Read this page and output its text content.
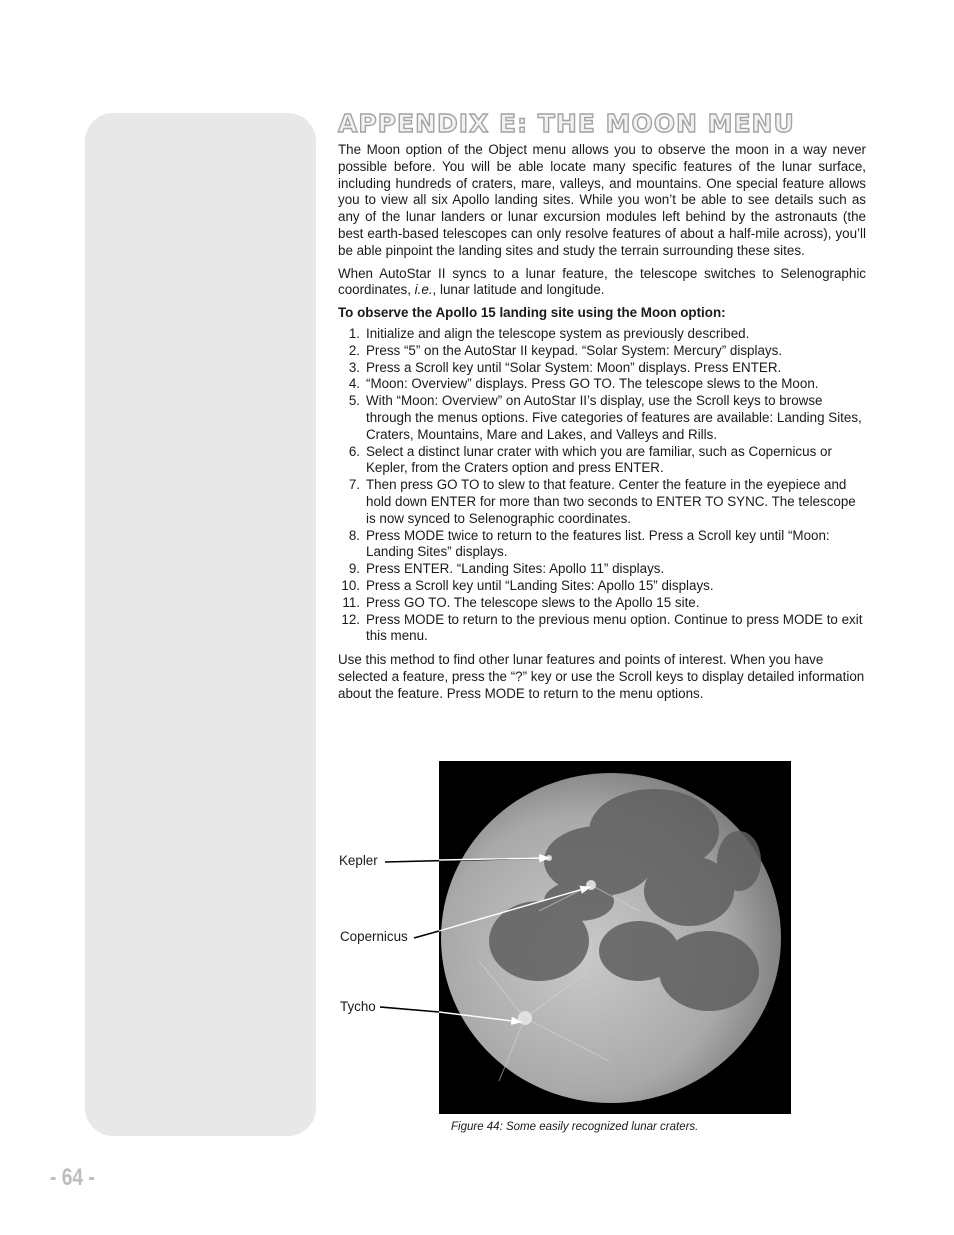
APPENDIX E: THE MOON MENU

The Moon option of the Object menu allows you to observe the moon in a way never possible before. You will be able locate many specific features of the lunar surface, including hundreds of craters, mare, valleys, and mountains. One special feature allows you to view all six Apollo landing sites. While you won’t be able to see details such as any of the lunar landers or lunar excursion modules left behind by the astronauts (the best earth-based telescopes can only resolve features of about a half-mile across), you’ll be able pinpoint the landing sites and study the terrain surrounding these sites.

When AutoStar II syncs to a lunar feature, the telescope switches to Selenographic coordinates, i.e., lunar latitude and longitude.

To observe the Apollo 15 landing site using the Moon option:

1. Initialize and align the telescope system as previously described.
2. Press “5” on the AutoStar II keypad. “Solar System: Mercury” displays.
3. Press a Scroll key until “Solar System: Moon” displays. Press ENTER.
4. “Moon: Overview” displays. Press GO TO. The telescope slews to the Moon.
5. With “Moon: Overview” on AutoStar II’s display, use the Scroll keys to browse through the menus options. Five categories of features are available: Landing Sites, Craters, Mountains, Mare and Lakes, and Valleys and Rills.
6. Select a distinct lunar crater with which you are familiar, such as Copernicus or Kepler, from the Craters option and press ENTER.
7. Then press GO TO to slew to that feature. Center the feature in the eyepiece and hold down ENTER for more than two seconds to ENTER TO SYNC. The telescope is now synced to Selenographic coordinates.
8. Press MODE twice to return to the features list. Press a Scroll key until “Moon: Landing Sites” displays.
9. Press ENTER. “Landing Sites: Apollo 11” displays.
10. Press a Scroll key until “Landing Sites: Apollo 15” displays.
11. Press GO TO. The telescope slews to the Apollo 15 site.
12. Press MODE to return to the previous menu option. Continue to press MODE to exit this menu.

Use this method to find other lunar features and points of interest. When you have selected a feature, press the “?” key or use the Scroll keys to display detailed information about the feature. Press MODE to return to the menu options.

Kepler
Copernicus
Tycho
Figure 44: Some easily recognized lunar craters.
- 64 -
